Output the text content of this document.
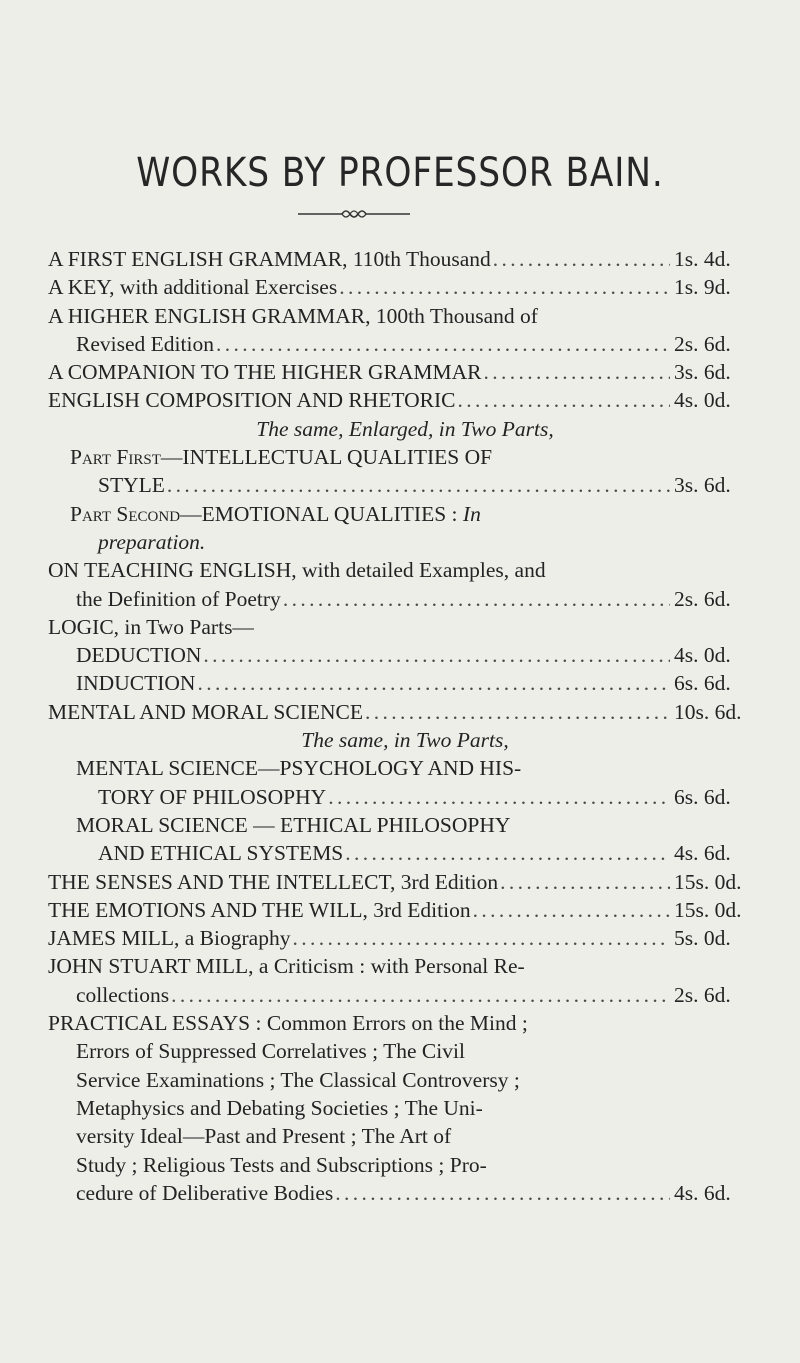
WORKS BY PROFESSOR BAIN.
A FIRST ENGLISH GRAMMAR, 110th Thousand . . .	1s. 4d.
A KEY, with additional Exercises . . .	1s. 9d.
A HIGHER ENGLISH GRAMMAR, 100th Thousand of
Revised Edition . . .	2s. 6d.
A COMPANION TO THE HIGHER GRAMMAR . . .	3s. 6d.
ENGLISH COMPOSITION AND RHETORIC . . .	4s. 0d.
The same, Enlarged, in Two Parts,
Part First—INTELLECTUAL QUALITIES OF
STYLE . . .	3s. 6d.
Part Second—EMOTIONAL QUALITIES : In
preparation.
ON TEACHING ENGLISH, with detailed Examples, and
the Definition of Poetry . . .	2s. 6d.
LOGIC, in Two Parts—
DEDUCTION . . .	4s. 0d.
INDUCTION . . .	6s. 6d.
MENTAL AND MORAL SCIENCE . . .	10s. 6d.
The same, in Two Parts,
MENTAL SCIENCE—PSYCHOLOGY AND HIS-
TORY OF PHILOSOPHY . . .	6s. 6d.
MORAL SCIENCE — ETHICAL PHILOSOPHY
AND ETHICAL SYSTEMS . . .	4s. 6d.
THE SENSES AND THE INTELLECT, 3rd Edition . . .	15s. 0d.
THE EMOTIONS AND THE WILL, 3rd Edition . . .	15s. 0d.
JAMES MILL, a Biography . . .	5s. 0d.
JOHN STUART MILL, a Criticism : with Personal Re-
collections . . .	2s. 6d.
PRACTICAL ESSAYS : Common Errors on the Mind ;
Errors of Suppressed Correlatives ; The Civil
Service Examinations ; The Classical Controversy ;
Metaphysics and Debating Societies ; The Uni-
versity Ideal—Past and Present ; The Art of
Study ; Religious Tests and Subscriptions ; Pro-
cedure of Deliberative Bodies . . .	4s. 6d.
